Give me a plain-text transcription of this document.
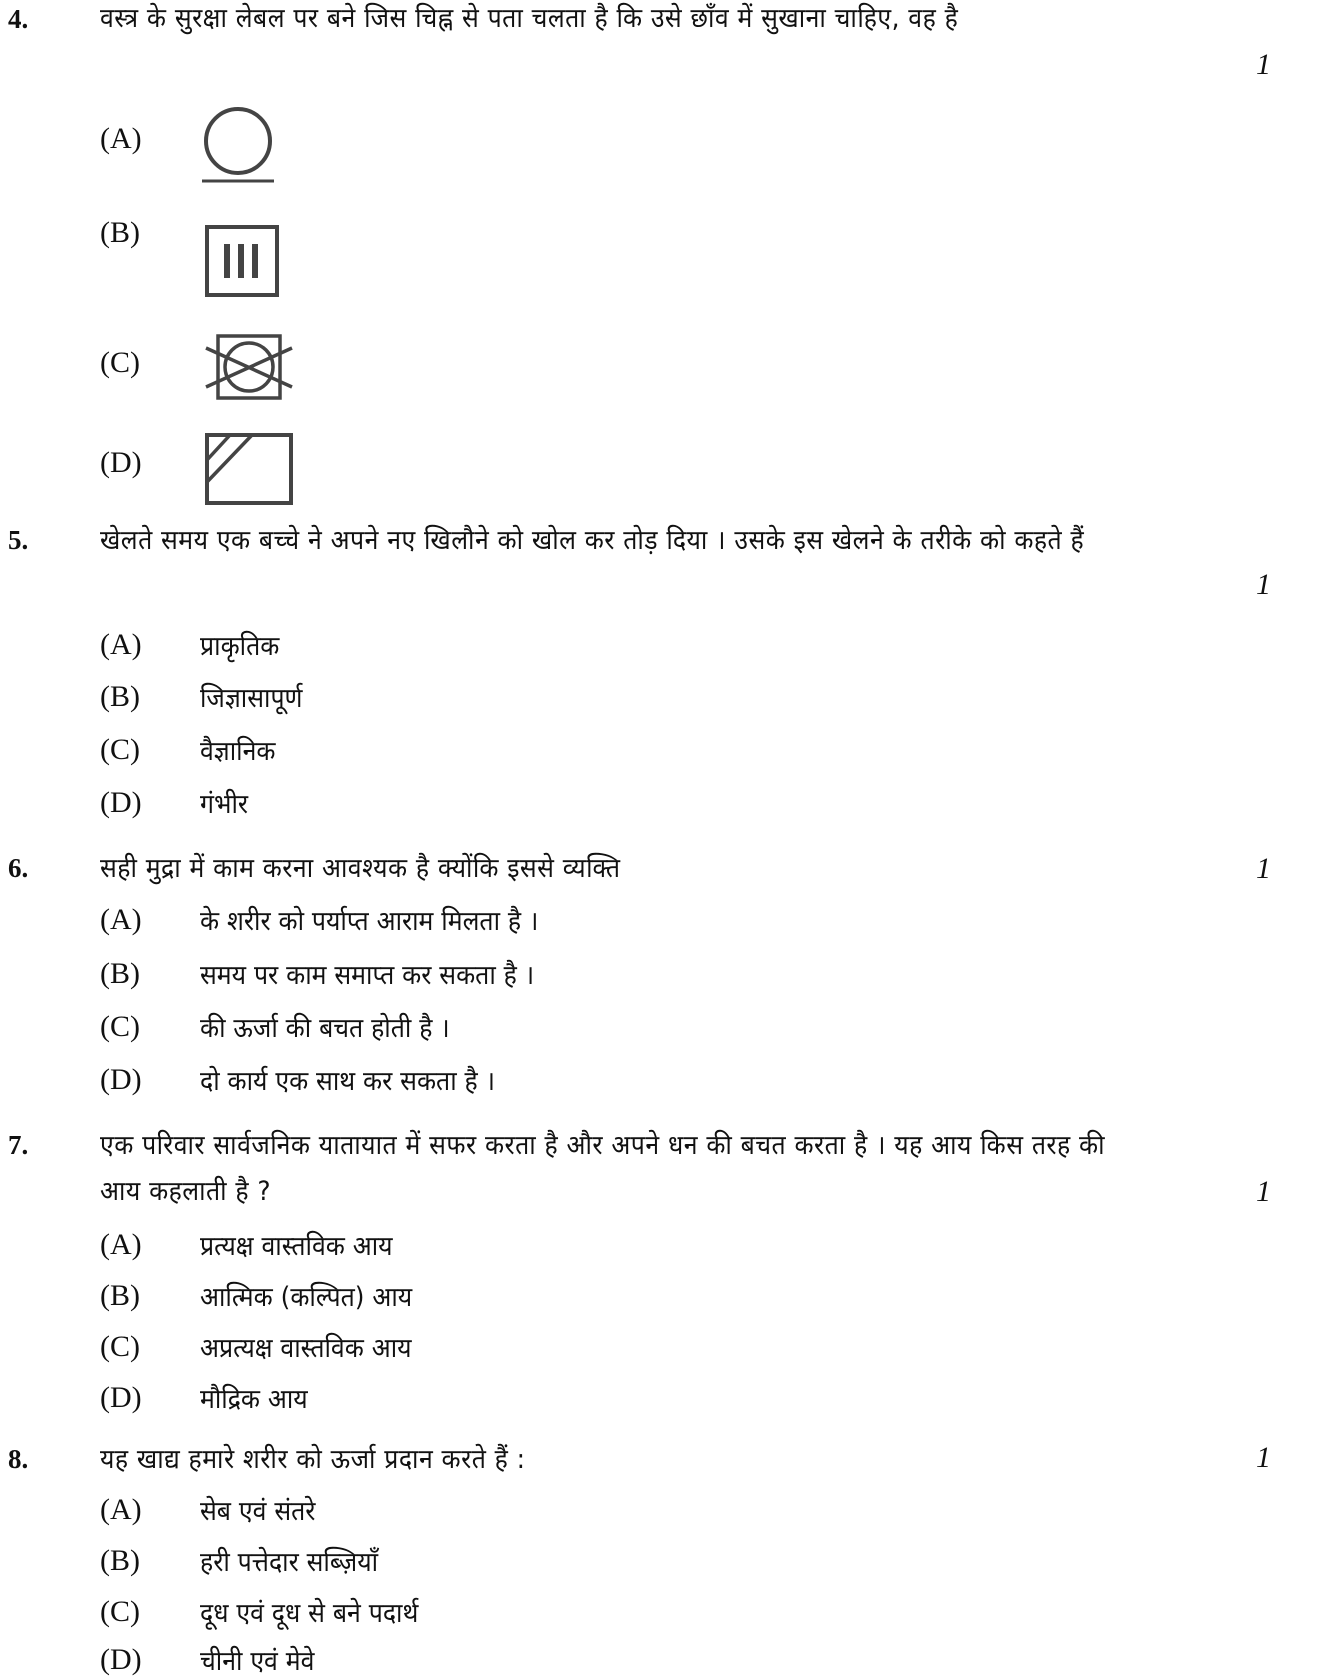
4.	वस्त्र के सुरक्षा लेबल पर बने जिस चिह्न से पता चलता है कि उसे छाँव में सुखाना चाहिए, वह है
1
(A)
(B)
(C)
(D)
5.	खेलते समय एक बच्चे ने अपने नए खिलौने को खोल कर तोड़ दिया । उसके इस खेलने के तरीके को कहते हैं
1
(A) प्राकृतिक
(B) जिज्ञासापूर्ण
(C) वैज्ञानिक
(D) गंभीर
6.	सही मुद्रा में काम करना आवश्यक है क्योंकि इससे व्यक्ति	1
(A) के शरीर को पर्याप्त आराम मिलता है ।
(B) समय पर काम समाप्त कर सकता है ।
(C) की ऊर्जा की बचत होती है ।
(D) दो कार्य एक साथ कर सकता है ।
7.	एक परिवार सार्वजनिक यातायात में सफर करता है और अपने धन की बचत करता है । यह आय किस तरह की आय कहलाती है ?	1
(A) प्रत्यक्ष वास्तविक आय
(B) आत्मिक (कल्पित) आय
(C) अप्रत्यक्ष वास्तविक आय
(D) मौद्रिक आय
8.	यह खाद्य हमारे शरीर को ऊर्जा प्रदान करते हैं :	1
(A) सेब एवं संतरे
(B) हरी पत्तेदार सब्ज़ियाँ
(C) दूध एवं दूध से बने पदार्थ
(D) चीनी एवं मेवे
